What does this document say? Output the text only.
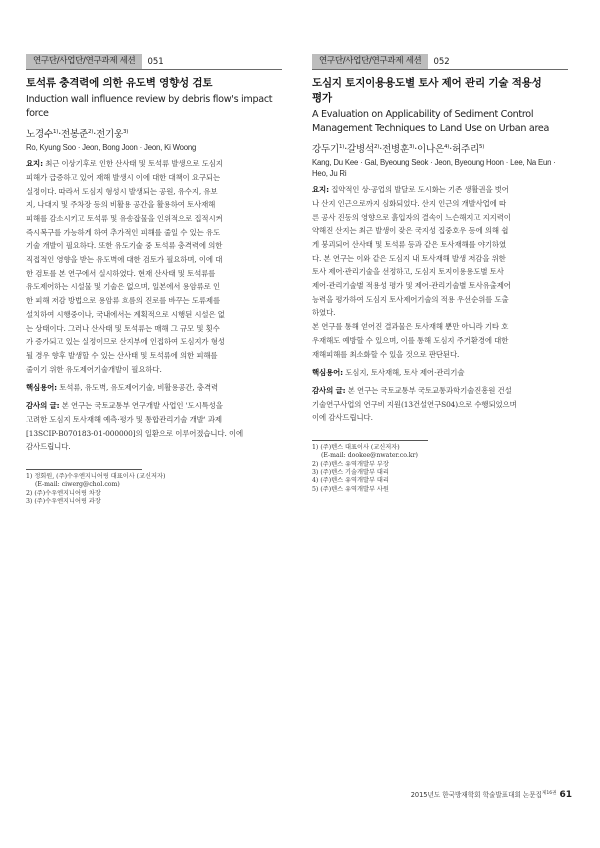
연구단/사업단/연구과제 세션	051
토석류 충격력에 의한 유도벽 영향성 검토
Induction wall influence review by debris flow's impact force
노경수$^{1)}$·전봉준$^{2)}$·전기웅$^{3)}$
Ro, Kyung Soo · Jeon, Bong Joon · Jeon, Ki Woong
요지: 최근 이상기후로 인한 산사태 및 토석류 발생으로 도심지
피해가 급증하고 있어 재해 발생시 이에 대한 대책이 요구되는
실정이다. 따라서 도심지 형성시 발생되는 공원, 유수지, 유보
지, 나대지 및 주차장 등의 비활용 공간을 활용하여 토사재해
피해를 감소시키고 토석류 및 유송잡물을 인위적으로 집적시켜
즉시복구를 가능하게 하여 추가적인 피해를 줄일 수 있는 유도
기술 개발이 필요하다. 또한 유도기술 중 토석류 충격력에 의한
직접적인 영향을 받는 유도벽에 대한 검토가 필요하며, 이에 대
한 검토를 본 연구에서 실시하였다. 현재 산사태 및 토석류를
유도제어하는 시설물 및 기술은 없으며, 일본에서 용암류로 인
한 피해 저감 방법으로 용암류 흐름의 진로를 바꾸는 도류제를
설치하여 시행중이나, 국내에서는 계획적으로 시행된 시설은 없
는 상태이다. 그러나 산사태 및 토석류는 매해 그 규모 및 횟수
가 증가되고 있는 실정이므로 산지부에 인접하여 도심지가 형성
될 경우 향후 발생할 수 있는 산사태 및 토석류에 의한 피해를
줄이기 위한 유도제어기술개발이 필요하다.
핵심용어: 토석류, 유도벽, 유도제어기술, 비활용공간, 충격력
감사의 글: 본 연구는 국토교통부 연구개발 사업인 '도시특성을
고려한 도심지 토사재해 예측·평가 및 통합관리기술 개발' 과제
[13SCIP-B070183-01-000000]의 일환으로 이루어졌습니다. 이에
감사드립니다.

1) 정회원, (주)수우엔지니어링 대표이사 (교신저자)

(E-mail: ciwerg@chol.com)

2) (주)수우엔지니어링 차장

3) (주)수우엔지니어링 과장

연구단/사업단/연구과제 세션	052
도심지 토지이용용도별 토사 제어 관리 기술 적용성
평가
A Evaluation on Applicability of Sediment Control
Management Techniques to Land Use on Urban area
강두기$^{1)}$·갈병석$^{2)}$·전병훈$^{3)}$·이나은$^{4)}$·허주리$^{5)}$
Kang, Du Kee · Gal, Byeoung Seok · Jeon, Byeoung Hoon · Lee, Na Eun ·
Heo, Ju Ri
요지: 집약적인 상·공업의 발달로 도시화는 기존 생활권을 벗어
나 산지 인근으로까지 심화되었다. 산지 인근의 개발사업에 따
른 공사 진동의 영향으로 흙입자의 결속이 느슨해지고 지지력이
약해진 산지는 최근 발생이 잦은 국지성 집중호우 등에 의해 쉽
게 붕괴되어 산사태 및 토석류 등과 같은 토사재해를 야기하였
다. 본 연구는 이와 같은 도심지 내 토사재해 발생 저감을 위한
토사 제어·관리기술을 선정하고, 도심지 토지이용용도별 토사
제어·관리기술별 적용성 평가 및 제어·관리기술별 토사유출제어
능력을 평가하여 도심지 토사제어기술의 적용 우선순위를 도출
하였다.
본 연구를 통해 얻어진 결과물은 토사재해 뿐만 아니라 기타 호
우재해도 예방할 수 있으며, 이를 통해 도심지 주거환경에 대한
재해피해를 최소화할 수 있을 것으로 판단된다.
핵심용어: 도심지, 토사재해, 토사 제어·관리기술
감사의 글: 본 연구는 국토교통부 국토교통과학기술진흥원 건설
기술연구사업의 연구비 지원(13건설연구S04)으로 수행되었으며
이에 감사드립니다.

1) (주)텐스 대표이사 (교신저자)

(E-mail: dookee@nwater.co.kr)

2) (주)텐스 유역개발부 부장

3) (주)텐스 기술개발부 대리

4) (주)텐스 유역개발부 대리

5) (주)텐스 유역개발부 사원

2015년도 한국방재학회 학술발표대회 논문집$^{제16권}$ 61
